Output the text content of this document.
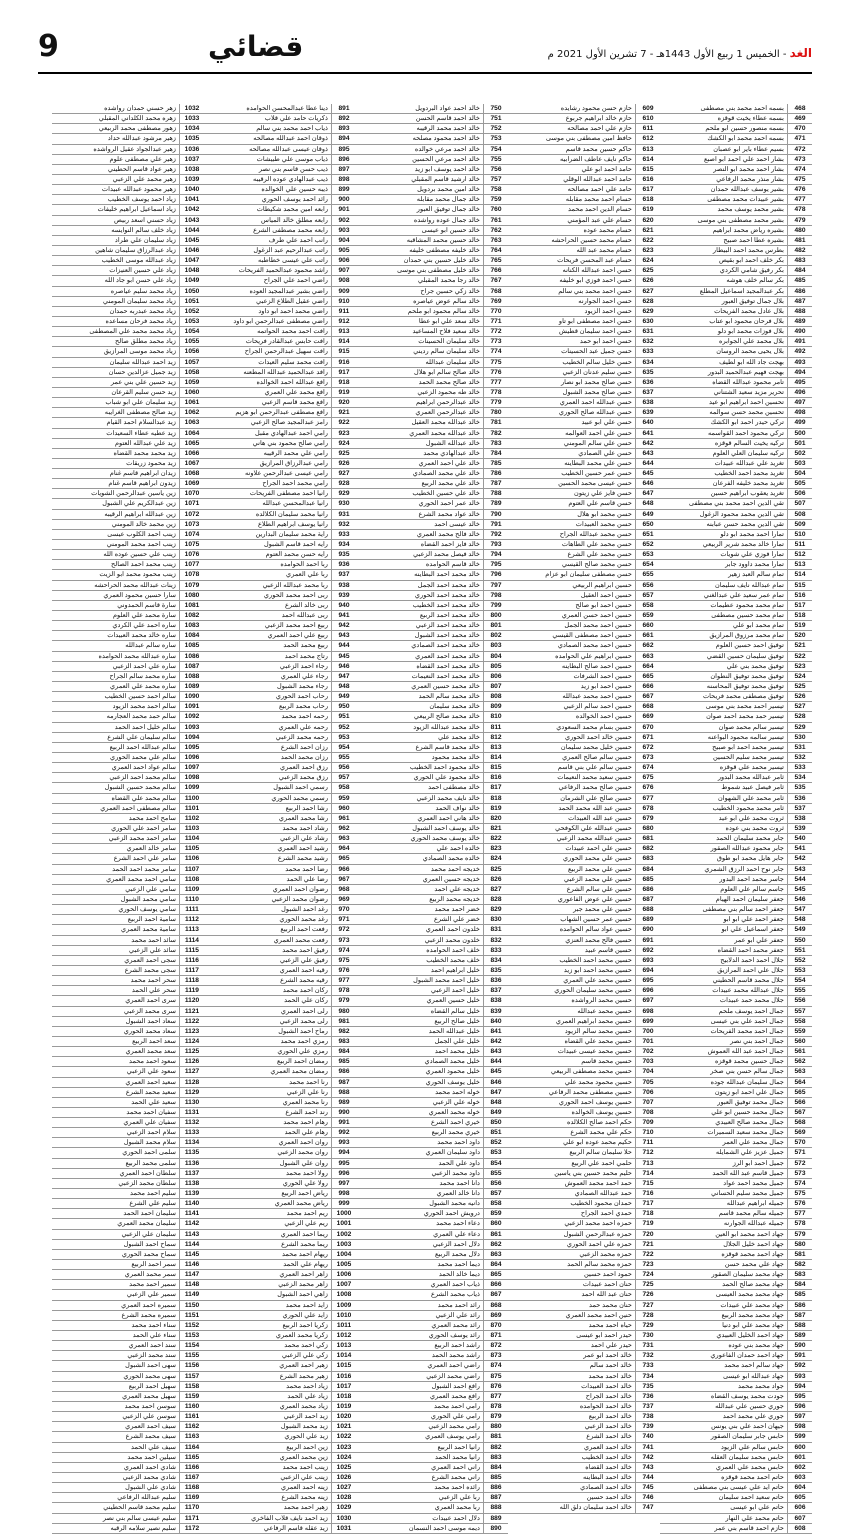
9	قضائي	الغد - الخميس 1 ربيع الأول 1443هـ - 7 تشرين الأول 2021 م
468
بسمه احمد محمد بني مصطفى
469
بسمه عطاء يخيت قوقزه
470
بسمه منصور حسين ابو ملحم
471
بسمه احمد محمد ابو الكشك
472
بسيم عطاء باير ابو عصبان
473
بشار احمد علي احمد ابو اصبع
474
بشار احمد محمد ابو النصر
475
بشار منذر محمد الرفاعي
476
بشير يوسف عبدالله حمدان
477
بشير عبيدات محمد مصطفى
478
بشير محمد يوسف محمد
479
بشير محمد مصطفى بني موسى
480
بشيره رياض محمد ابراهيم
481
بشيره عطا احمد صبيح
482
بطرس محمد احمد البيطار
483
بكر خلف احمد ابو بقيص
484
بكر رفيق شامي الكردي
485
بكر سالم خلف هوشه
486
بكر عبدالمجيد اسماعيل المطلع
487
بلال جمال توفيق العبور
488
بلال عادل محمد الفريحات
489
بلال فرحان محمود ابو عتاب
490
بلال فوزات محمد ابو دلو
491
بلال محمد علي الجوابره
492
بلال يحيى محمد الروسان
493
بهجت جاد الله ابو لطيف
494
بهجت فهيم عبدالحميد البدور
495
تامر محمود عبدالله القضاه
496
تحرير مزيد سعيد الشتناني
497
تحسين احمد ابراهيم ابو عيد
498
تحسين محمد حسن سوالمه
499
تركي حيدر احمد ابو الكشك
500
تركي محمود احمد القواسمه
501
تركيه يخيت السالم قوقزه
502
تركيه سليمان العلي العلوم
503
تغريد علي عبدالله عبيدات
504
تغريد محمد احمد الخطيب
505
تغريد محمد خليفه الفرعان
506
تغريد يعقوب ابراهيم حسين
507
تقي الدين احمد محمد بني مصطفى
508
تقي الدين محمد محمود الزغول
509
تقي الدين محمد حسن عبابنه
510
تمارا احمد محمد ابو دلو
511
تمارا خالد محمد شرير الربيعي
512
تمارا فوزي علي شويات
513
تمارا محمد داوود جابر
514
تمام سالم العبد زهير
515
تمام عبدالله نايف سليمان
516
تمام عمر سعيد علي عبدالغني
517
تمام محمد محمود عطيمات
518
تمام محمد حسين مصطفى
519
تمام محمد ابو علي
520
تمام محمد مرزوق المرازيق
521
توفيق احمد حسين العلوم
522
توفيق سليمان حسين القضي
523
توفيق محمد بني علي
524
توفيق محمد توفيق النطوان
525
توفيق محمد توفيق المحاسنه
526
توفيق مصطفى محمد فريحات
527
تيسير احمد محمد بني موسى
528
تيسير حمد محمد احمد صوان
529
تيسير سالم محمد صوان
530
تيسير سالمه محمود البواعنه
531
تيسير محمد احمد ابو صبيح
532
تيسير محمد سليم الحسين
533
تيسير محمد علي قوقزه
534
ثامر عبدالله محمد البدور
535
ثامر فيصل عبيد شموط
536
ثامر محمد علي الشهوان
537
ثامر محمد محمود الخطيب
538
ثروت محمد علي ابو عيد
539
ثروت محمد بني عوده
540
جابر محمد سليمان الحمد
541
جابر محمود عبدالله الصقور
542
جابر هايل محمد ابو طوق
543
جابر نوح احمد الرزق الشمري
544
جاسر محمد احمد البدور
545
جاسم سالم علي العلوم
546
جعفر سليمان احمد الهيام
547
جعفر احمد سالم بني مصطفى
548
جعفر احمد علي ابو ابو
549
جعفر اسماعيل علي ابو
550
جعفر علي ابو عمر
551
جعفر محمد احمد القضاه
552
جلال احمد احمد الدلابيح
553
جلال علي احمد المرازيق
554
جلال محمد قاسم الحطيني
555
جلال عبدالله محمد عبيدات
556
جلال محمد حمد عبيدات
557
جمال احمد يوسف ملحم
558
جمال احمد علي بني عيسى
559
جمال احمد محمد الفريحات
560
جمال احمد بني نصر
561
جمال احمد عبد الله العموش
562
جمال حسين محمد قوقزه
563
جمال سالم حسن بني صخر
564
جمال سليمان عبدالله جوده
565
جمال علي احمد ابو زيتون
566
جمال محمد توفيق العبور
567
جمال محمد حسين ابو علي
568
جمال محمد صالح العبيدي
569
جمال محمد سعيد السميرات
570
جمال محمد علي العمر
571
جميل عزيز علي الشمايله
572
جميل احمد ابو الرز
573
جميل قاسم عبد الله الحمد
574
جميل محمد احمد عواد
575
جميل محمد سليم الحساني
576
جميله ابراهيم عبدالله
577
جميله سالم محمد قاسم
578
جميله عبدالله الجوارنه
579
جهاد احمد محمد ابو العين
580
جهاد احمد خليل الجلال
581
جهاد احمد محمد قوقزه
582
جهاد علي محمد حسن
583
جهاد محمد سليمان الصقور
584
جهاد محمد صالح الحمد
585
جهاد محمد محمد العيسى
586
جهاد محمد علي عبيدات
587
جهاد محمد محمد الربيع
588
جهاد محمد علي ابو دنيا
589
جهاد احمد الخليل العبيدي
590
جهاد محمد بني عوده
591
جهاد احمد حمدان الفاعوري
592
جهاد سالم احمد محمد
593
جهاد عبدالله ابو عيسى
594
جواد محمد محمد
595
جودت محمد يوسف القضاه
596
جوري حسين علي عبدالله
597
جوري علي محمد احمد
598
جيهان احمد علي بني يونس
599
حابس جابر سليمان الصقور
600
حابس سالم علي الزيود
601
حابس محمد سليمان العقله
602
حابس محمد علي العمري
603
حاتم احمد محمد قوقزه
604
حاتم ايد علي عيسى بني مصطفى
605
حاتم سعيد احمد سليمان
606
حاتم علي ابو عيسى
607
حاتم محمد علي النهار
608
حازم احمد قاسم بني عمر
609
حازم حسن محمود رشايده
610
حازم خالد ابراهيم جربوع
611
حازم علي احمد مصالحه
612
حافظ امين مصطفى بني موسى
613
حاكم حسين محمد قاسم
614
حاكم نايف عاطف الضرابيه
615
حامد احمد ابو علي
616
حامد احمد عبدالله الوقلي
617
حامد علي احمد مصالحه
618
حسام احمد محمد مقابله
619
حسام الدين احمد محمد
620
حسام علي عبد المؤمني
621
حسام محمد عوده
622
حسام محمد حسين الحراحشه
623
حسام محمد عبد الله
624
حسام عبد المحسن فريحات
625
حسن احمد عبدالله الكنانه
626
حسن احمد فوزي ابو خليفه
627
حسن احمد محمد بني سالم
628
حسن احمد الجوارنه
629
حسن احمد الزيود
630
حسن احمد مصطفى ابو تاو
631
حسن احمد سليمان قطيش
632
حسن احمد ابو حمد
633
حسن جميل عبد الحسينات
634
حسن خليل سالم الخطيب
635
حسن سليم عدنان الزعبي
636
حسن صالح محمد ابو نصار
637
حسن صالح محمد الشبول
638
حسن عبدالله احمد العمري
639
حسن عبدالله صالح الحوري
640
حسن علي ابو عبيد
641
حسن علي احمد العوالمه
642
حسن علي سالم المومني
643
حسن علي الصمادي
644
حسن علي محمد البطاينه
645
حسن عمر حسين الخطيب
646
حسن عيسى محمد الحسين
647
حسن فايز علي زيتون
648
حسن قاسم علي العتوم
649
حسن محمد ابو هلال
650
حسن محمد العبيدات
651
حسن محمد عبدالله الجراح
652
حسن محمد علي الطاهات
653
حسن محمد علي الشرع
654
حسن محمد صالح القيسي
655
حسن مصطفى سليمان ابو عزام
656
حسين ابراهيم الربيعي
657
حسين احمد العقيل
658
حسين احمد ابو صالح
659
حسين احمد حسن العمري
660
حسين احمد محمد الجمل
661
حسين احمد مصطفى القيسي
662
حسين احمد محمد الصمادي
663
حسين ابراهيم علي الحوامده
664
حسين احمد صالح البطاينه
665
حسين احمد الشرفات
666
حسين احمد ابو زيد
667
حسين احمد محمد عبدالله
668
حسين احمد سالم الزعبي
669
حسين احمد الخوالده
670
حسين بسام محمد السعودي
671
حسين خالد احمد الحوري
672
حسين خليل محمد سليمان
673
حسين سالم صالح العمري
674
حسين سالم علي بني قاسم
675
حسين سعيد محمد النعيمات
676
حسين صالح محمد الرفاعي
677
حسين صالح علي الشرمان
678
حسين عبد الله محمد الحمد
679
حسين عبد الله العبيدات
680
حسين عبدالله علي الكوفحي
681
حسين عبدالله محمد الزعبي
682
حسين علي احمد عبيدات
683
حسين علي محمد الحوري
684
حسين علي محمد الربيع
685
حسين علي محمد الزعبي
686
حسين علي سالم الشرع
687
حسين علي عوض الفاعوري
688
حسين علي محمد جبر
689
حسين عمر حسين الشهاب
690
حسين عواد سالم الحوامده
691
حسين فالح محمد العنزي
692
حسين قاسم عبيد
693
حسين محمد احمد الخطيب
694
حسين محمد احمد ابو زيد
695
حسين محمد علي العمري
696
حسين محمد سليمان الحوري
697
حسين محمد الرواشده
698
حسين محمد عبدالله
699
حسين محمد ابراهيم العمري
700
حسين محمد سالم الزيود
701
حسين محمد علي القضاه
702
حسين محمد عيسى عبيدات
703
حسين محمد قاسم
704
حسين محمد مصطفى الربيعي
705
حسين محمود محمد علي
706
حسين مصطفى محمد الرفاعي
707
حسين يوسف احمد الحوري
708
حسين يوسف الخوالده
709
حكم احمد صالح الكلالده
710
حكم علي محمد الشرع
711
حكيم محمد عوده ابو علي
712
حلا سليمان سالم الربيع
713
حلمي احمد علي الربيع
714
حليم محمد حسين بني ياسين
715
حمد احمد محمد العموش
716
حمد عبدالله الصمادي
717
حمدان محمود الخطيب
718
حمدي احمد الجراح
719
حمزه احمد محمد الزعبي
720
حمزه عبدالرحمن الشبول
721
حمزه علي احمد الحوري
722
حمزه محمد الزعبي
723
حمزه محمد سالم الحمد
724
حمود احمد حسين
725
حنان احمد عبيدات
726
حنان عبد الله احمد
727
حنان محمد حمد
728
حنين احمد محمد العمري
729
حياه احمد محمد
730
حيدر احمد ابو عيسى
731
حيدر علي احمد
732
خالد احمد ابو عمر
733
خالد احمد سالم
734
خالد احمد محمد
735
خالد احمد العبيدات
736
خالد احمد الجراح
737
خالد احمد الحوامده
738
خالد احمد الربيع
739
خالد احمد الزعبي
740
خالد احمد الشرع
741
خالد احمد العمري
742
خالد احمد الخطيب
743
خالد احمد القضاه
744
خالد احمد البطاينه
745
خالد احمد الصمادي
746
خالد احمد حسين
747
خالد احمد سليمان دلق الله
750
خالد احمد عواد البردويل
751
خالد احمد قاسم الحسن
752
خالد احمد محمد الرقيبه
753
خالد احمد محمود مصلحه
754
خالد احمد مرعي خوالده
755
خالد احمد مرعي الحسين
756
خالد احمد يوسف ابو زيد
757
خالد ارشيد قاسم المقبلي
758
خالد امين محمد بردويل
759
خالد جمال محمد مقابله
760
خالد جمال توفيق العبور
761
خالد جمال عوده رواشده
762
خالد حسين ابو عيسى
763
خالد حسين محمد المشاقبه
764
خالد خليفه مصطفى خليفه
765
خالد خليل حسين بني حمدان
766
خالد خليل مصطفى بني موسى
767
خالد رجا محمد المقبلي
768
خالد زكي حسين جراح
769
خالد سالم عوض عياصره
770
خالد سالم محمود ابو ملحم
771
خالد سعد علي ابو عطا
772
خالد سعيد فلاح المساعيد
773
خالد سليمان الحسينات
774
خالد سليمان سالم رديني
775
خالد سليمان عبدالله
776
خالد صالح سالم ابو هلال
777
خالد صالح محمد الحمد
778
خالد طه محمود الزعبي
779
خالد عبدالرحمن ابراهيم
780
خالد عبدالرحمن العمري
781
خالد عبدالله محمد العقيل
782
خالد عبدالله محمد العمري
783
خالد عبدالله الشبول
784
خالد عبدالهادي محمد
785
خالد علي احمد العمري
786
خالد علي محمد الصمادي
787
خالد علي محمد الربيع
788
خالد علي حسين الخطيب
789
خالد عمر احمد الحوري
790
خالد عواد محمد الشرع
791
خالد عيسى احمد
792
خالد فالح محمد العمري
793
خالد فايز احمد القضاه
794
خالد فيصل محمد الزعبي
795
خالد قاسم الحوامده
796
خالد محمد احمد البطاينه
797
خالد محمد احمد الجمل
798
خالد محمد احمد الحوري
799
خالد محمد احمد الخطيب
800
خالد محمد احمد الربيع
801
خالد محمد احمد الزعبي
802
خالد محمد احمد الشبول
803
خالد محمد احمد الصمادي
804
خالد محمد احمد العمري
805
خالد محمد احمد القضاه
806
خالد محمد احمد النعيمات
807
خالد محمد حسين العمري
808
خالد محمد سالم الحمد
809
خالد محمد سليمان
810
خالد محمد صالح الربيعي
811
خالد محمد عبدالله الزيود
812
خالد محمد علي
813
خالد محمد قاسم الشرع
814
خالد محمد محمود
815
خالد محمود احمد الخطيب
816
خالد محمود علي الحوري
817
خالد مصطفى احمد
818
خالد نايف محمد الزعبي
819
خالد نواف الحمد
820
خالد هاني احمد العمري
821
خالد يوسف احمد الشبول
822
خالد يوسف محمد الحوري
823
خالده احمد علي
824
خالده محمد الصمادي
825
خديجه احمد محمد
826
خديجه حسين العمري
827
خديجه علي احمد
828
خديجه محمد الربيع
829
خضر احمد محمد
830
خضر علي الشرع
831
خلدون احمد العمري
832
خلدون محمد الزعبي
833
خلف احمد الحوامده
834
خلف محمد الخطيب
835
خليل ابراهيم احمد
836
خليل احمد محمد الشبول
837
خليل احمد الزعبي
838
خليل حسين العمري
839
خليل سالم القضاه
840
خليل صالح الربيع
841
خليل عبدالله الحمد
842
خليل علي الجمل
843
خليل محمد احمد
844
خليل محمد الصمادي
845
خليل محمود العمري
846
خليل يوسف الحوري
847
خوله احمد محمد
848
خوله علي الزعبي
849
خوله محمد العمري
850
خيري احمد الشرع
851
خيري محمد الربيع
852
داود احمد محمد
853
داود سليمان العمري
854
داود علي الحمد
855
داود محمد الزعبي
856
دانا احمد محمد
857
دانا خالد العمري
858
دانيه محمد الشبول
859
درويش احمد الحوري
860
دعاء احمد محمد
861
دعاء علي العمري
862
دلال احمد الزعبي
863
دلال محمد الربيع
864
ديما احمد محمد
865
ديما خالد الحمد
866
ذياب احمد العمري
867
ذياب محمد الشرع
868
رائد احمد محمد
869
رائد علي الزعبي
870
رائد محمد العمري
871
رائد يوسف الحوري
872
راشد احمد الربيع
873
راشد محمد الحمد
874
راضي احمد العمري
875
راضي محمد الزعبي
876
رافع احمد الشبول
877
رافع محمد العمري
878
رامي احمد محمد
879
رامي علي الحوري
880
رامي محمد الزعبي
881
رامي يوسف العمري
882
رانيا احمد الربيع
883
رانيا محمد الحمد
884
راني احمد العمري
885
راني محمد الشرع
886
رائده احمد محمد
887
ربا علي الزعبي
888
ربا محمد العمري
889
دلال احمد عبيدات
890
ديمه موسى احمد النسمان
891
دينا عطا عبدالمحسن الحوامده
892
ذكريات حامد علي قلاب
893
ذياب احمد محمد بني سالم
894
ذوقان احمد عبدالله مصالحه
895
ذوقان عيسى عبدالله مصالحه
896
ذياب موسى علي طبيشات
897
ذيب حسن قاسم بني نصر
898
ذيب عبدالهادي عوده الرقيبه
899
ذيبه حسين علي الخوالده
900
رائد احمد يوسف الحوري
901
رابعه امين محمد شكيطات
902
رابعه مطلق خالد المياس
903
رابعه محمد مصطفى الشرع
904
رانب احمد علي طرف
905
راتب عبدالرحيم عبد الزغول
906
راتب علي عيسى خطاطبه
907
راشد محمود عبدالحميد الفريحات
908
راضي احمد علي الجراح
909
راضي بشير عبدالمجيد العوده
910
راضي عقيل الطلاع الزعبي
911
راضي محمد احمد ابو داود
912
راضي مصطفى عبدالرحمن ابو داود
913
رافت احمد محمد الحواتمه
914
رافت حابس عبدالقادر فريحات
915
رافت سهيل عبدالرحمن الجراح
916
رافت محمد سليم العيدات
917
رافد عبدالحميد عبدالله المطعنه
918
رافع عبدالله احمد الخوالده
919
رافع محمد علي العمري
920
رافع محمد قاسم الزعبي
921
رافع مصطفى عبدالرحمن ابو هزيم
922
رامز عبدالمجيد صالح الزعبي
923
رامي احمد عبدالهادي مقبل
924
رامي صالح محمود بني هاني
925
رامي علي محمد الرقيبه
926
رامي عبدالرزاق المرازيق
927
رامي عيسى عبدالرحمن علاونه
928
رامي محمد احمد الجراح
929
رانيا احمد مصطفى الفريحات
930
رانيا عبدالمحسن عبدالله
931
رانيا محمد سليمان الكلالده
932
رانيا يوسف ابراهيم الطلاع
933
راية محمد سليمان البدارين
934
رايه احمد قاسم الشبول
935
رايه حسن محمد العتوم
936
ربا احمد الحوامده
937
ربا علي العمري
938
ربا محمد عبدالله الزعبي
939
ربى احمد محمد الحوري
940
ربى خالد الشرع
941
ربى عبدالله احمد
942
ربيع احمد محمد الزعبي
943
ربيع علي احمد العمري
944
ربيع محمد الحمد
945
رتاج محمد احمد
946
رجاء احمد الزعبي
947
رجاء علي العمري
948
رجاء محمد الشبول
949
رحاب احمد الحوري
950
رحاب محمد الربيع
951
رحمه احمد محمد
952
رحمه علي العمري
953
رحمه محمد الزعبي
954
رزان احمد الشرع
955
رزان محمد الحمد
956
رزق احمد العمري
957
رزق محمد الزعبي
958
رسمي احمد الشبول
959
رسمي محمد الحوري
960
رشا احمد الربيع
961
رشا محمد العمري
962
رشاد احمد محمد
963
رشاد علي الزعبي
964
رشيد احمد العمري
965
رشيد محمد الشرع
966
رضا احمد محمد
967
رضا علي الحمد
968
رضوان احمد العمري
969
رضوان محمد الزعبي
970
رغد احمد الشبول
971
رغد محمد الحوري
972
رفعت احمد الربيع
973
رفعت محمد العمري
974
رفيق احمد محمد
975
رفيق علي الزعبي
976
رقيه احمد العمري
977
رقيه محمد الشرع
978
ركان احمد محمد
979
ركان علي الحمد
980
رلى احمد العمري
981
رلى محمد الزعبي
982
رماح احمد الشبول
983
رمزي احمد محمد
984
رمزي علي الحوري
985
رمضان احمد الربيع
986
رمضان محمد العمري
987
رنا احمد محمد
988
رنا علي الزعبي
989
رنا محمد العمري
990
رند احمد الشرع
991
رهام احمد محمد
992
رهام علي الحمد
993
روان احمد العمري
994
روان محمد الزعبي
995
روان علي الشبول
996
رولا احمد محمد
997
رولا علي الحوري
998
رياض احمد الربيع
999
رياض محمد العمري
1000
ريم احمد محمد
1001
ريم علي الزعبي
1002
ريما احمد العمري
1003
ريما محمد الشرع
1004
ريهام احمد محمد
1005
ريهام علي الحمد
1006
زاهر احمد العمري
1007
زاهر محمد الزعبي
1008
زاهي احمد الشبول
1009
زايد احمد محمد
1010
زايد علي الحوري
1011
زكريا احمد الربيع
1012
زكريا محمد العمري
1013
زكي احمد محمد
1014
زكي علي الزعبي
1015
زهير احمد العمري
1016
زهير محمد الشرع
1017
زياد احمد محمد
1018
زياد علي الحمد
1019
زياد محمد العمري
1020
زيد احمد الزعبي
1021
زيد محمد الشبول
1022
زيد علي الحوري
1023
زين احمد الربيع
1024
زين محمد العمري
1025
زينب احمد محمد
1026
زينب علي الزعبي
1027
زينه احمد العمري
1028
زينه محمد الشرع
1029
زهير احمد محمد
1030
زيد احمد نايف قلاب الفاخري
1031
زيد عقله قاسم الرفاعي
1032
زهر حسني حمدان رواشده
1033
زهره محمد الكلداني المقبلي
1034
زهور مصطفى محمد الربيعي
1035
زهير مرشود عبدالله حداد
1036
زهير عبدالجواد عقيل الرواشده
1037
زهير علي مصطفى علوم
1038
زهير عواد قاسم الحطيني
1039
زهير محمد علي الزعبي
1040
زهير محمود عبدالله عبيدات
1041
زياد احمد يوسف الخطيب
1042
زياد اسماعيل ابراهيم خليفات
1043
زياد حسني اسعد ربيص
1044
زياد خلف سالم النوايسه
1045
زياد سليمان علي طراد
1046
زياد عبدالرزاق سليمان شاهين
1047
زياد عبدالله موسى الخطيب
1048
زياد علي حسين العنيزات
1049
زياد علي حسن ابو جاد الله
1050
زياد محمد سليم عياصره
1051
زياد محمد سليمان المومني
1052
زياد محمد عبدربه حمدان
1053
زياد محمد فرحان مساعده
1054
زياد محمد محمد علي المصطفى
1055
زياد محمد مطلق صالح
1056
زياد محمد موسى المرازيق
1057
زيد احمد عبدالله سليمان
1058
زيد جميل عزالدين حسان
1059
زيد حسين علي بني عمر
1060
زيد حسن سليم القرعان
1061
زيد سليمان علي ابو شباب
1062
زيد صالح مصطفى الغرايبه
1063
زيد عبدالسلام احمد القيام
1064
زيد عطيه عطاء السعيدات
1065
زيد علي عبدالله العتوم
1066
زيد محمد محمد القضاه
1067
زيد محمود زريقات
1068
زيدان ابراهيم قاسم غنام
1069
زيدون ابراهيم قاسم غنام
1070
زين ياسين عبدالرحمن الشويات
1071
زين عبدالكريم علي الشبول
1072
زين عبدالله ابراهيم الرقيبه
1073
زين محمد خالد المومني
1074
زينب احمد الكلوب عيسى
1075
زينب احمد محمد المومني
1076
زينب علي حسين عوده الله
1077
زينب محمد احمد الصالح
1078
زينب محمود محمد ابو الزيت
1079
زينات عبدالله محمد الحراحشه
1080
سارا حسين محمود العمري
1081
سارة قاسم الحمدوني
1082
سارة محمد علي العلوم
1083
ساره احمد علي الكردي
1084
ساره خالد محمد العبيدات
1085
ساره سالم عبدالله
1086
ساره عبدالله محمد الحوامده
1087
ساره علي احمد الزعبي
1088
ساره محمد سالم الجراح
1089
ساره محمد علي العمري
1090
سالم احمد حسين الخطيب
1091
سالم احمد محمد الزيود
1092
سالم حمد محمد العجارمه
1093
سالم خليل احمد الحمد
1094
سالم سليمان علي الشرع
1095
سالم عبدالله احمد الربيع
1096
سالم علي محمد الحوري
1097
سالم عواد احمد العمري
1098
سالم محمد احمد الزعبي
1099
سالم محمد حسين الشبول
1100
سالم محمد علي القضاه
1101
سالم مصطفى احمد العمري
1102
سامح احمد محمد
1103
سامر احمد علي الحوري
1104
سامر احمد محمد الزعبي
1105
سامر خالد العمري
1106
سامر علي احمد الشرع
1107
سامر محمد احمد الحمد
1108
سامي احمد محمد العمري
1109
سامي علي الزعبي
1110
سامي محمد الشبول
1111
سامي يوسف الحوري
1112
سامية احمد الربيع
1113
سامية محمد العمري
1114
سائد احمد محمد
1115
سائد علي الزعبي
1116
سجى احمد العمري
1117
سجى محمد الشرع
1118
سحر احمد محمد
1119
سحر علي الحمد
1120
سرى احمد العمري
1121
سرى محمد الزعبي
1122
سعاد احمد الشبول
1123
سعاد محمد الحوري
1124
سعد احمد الربيع
1125
سعد محمد العمري
1126
سعود احمد محمد
1127
سعود علي الزعبي
1128
سعيد احمد العمري
1129
سعيد محمد الشرع
1130
سعيد علي الحمد
1131
سفيان احمد محمد
1132
سفيان علي العمري
1133
سلام احمد الزعبي
1134
سلام محمد الشبول
1135
سلمى احمد الحوري
1136
سلمى محمد الربيع
1137
سلطان احمد العمري
1138
سلطان محمد الزعبي
1139
سليم احمد محمد
1140
سليم علي الشرع
1141
سليمان احمد الحمد
1142
سليمان محمد العمري
1143
سليمان علي الزعبي
1144
سماح احمد الشبول
1145
سماح محمد الحوري
1146
سمر احمد الربيع
1147
سمر محمد العمري
1148
سمير احمد محمد
1149
سمير علي الزعبي
1150
سميره احمد العمري
1151
سميره محمد الشرع
1152
سناء احمد محمد
1153
سناء علي الحمد
1154
سند احمد العمري
1155
سند محمد الزعبي
1156
سهى احمد الشبول
1157
سهى محمد الحوري
1158
سهيل احمد الربيع
1159
سهيل محمد العمري
1160
سوسن احمد محمد
1161
سوسن علي الزعبي
1162
سيف احمد العمري
1163
سيف محمد الشرع
1164
سيف علي الحمد
1165
سيلين احمد محمد
1166
شادي احمد العمري
1167
شادي محمد الزعبي
1168
شادي علي الشبول
1169
سليم عبدالله الرفاعي
1170
سليم محمد قاسم الحطيني
1171
سليم عيسى سالم بني نصر
1172
سليم نصير سلامه الرقبه
